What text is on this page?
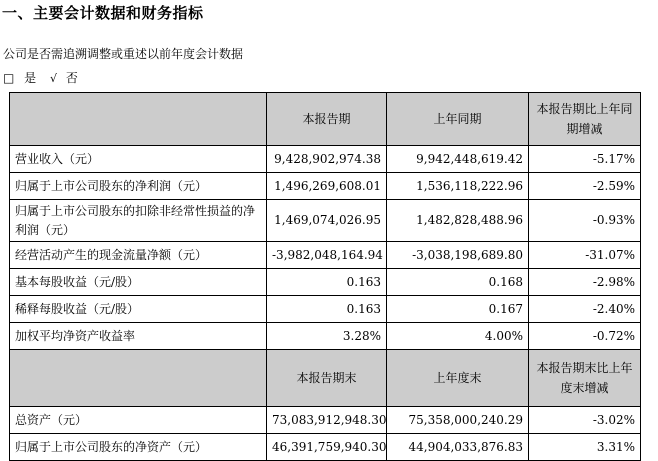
一、主要会计数据和财务指标
公司是否需追溯调整或重述以前年度会计数据
□ 是 √ 否
	本报告期	上年同期	本报告期比上年同期增减
营业收入（元）	9,428,902,974.38	9,942,448,619.42	-5.17%
归属于上市公司股东的净利润（元）	1,496,269,608.01	1,536,118,222.96	-2.59%
归属于上市公司股东的扣除非经常性损益的净利润（元）	1,469,074,026.95	1,482,828,488.96	-0.93%
经营活动产生的现金流量净额（元）	-3,982,048,164.94	-3,038,198,689.80	-31.07%
基本每股收益（元/股）	0.163	0.168	-2.98%
稀释每股收益（元/股）	0.163	0.167	-2.40%
加权平均净资产收益率	3.28%	4.00%	-0.72%
	本报告期末	上年度末	本报告期末比上年度末增减
总资产（元）	73,083,912,948.30	75,358,000,240.29	-3.02%
归属于上市公司股东的净资产（元）	46,391,759,940.30	44,904,033,876.83	3.31%
